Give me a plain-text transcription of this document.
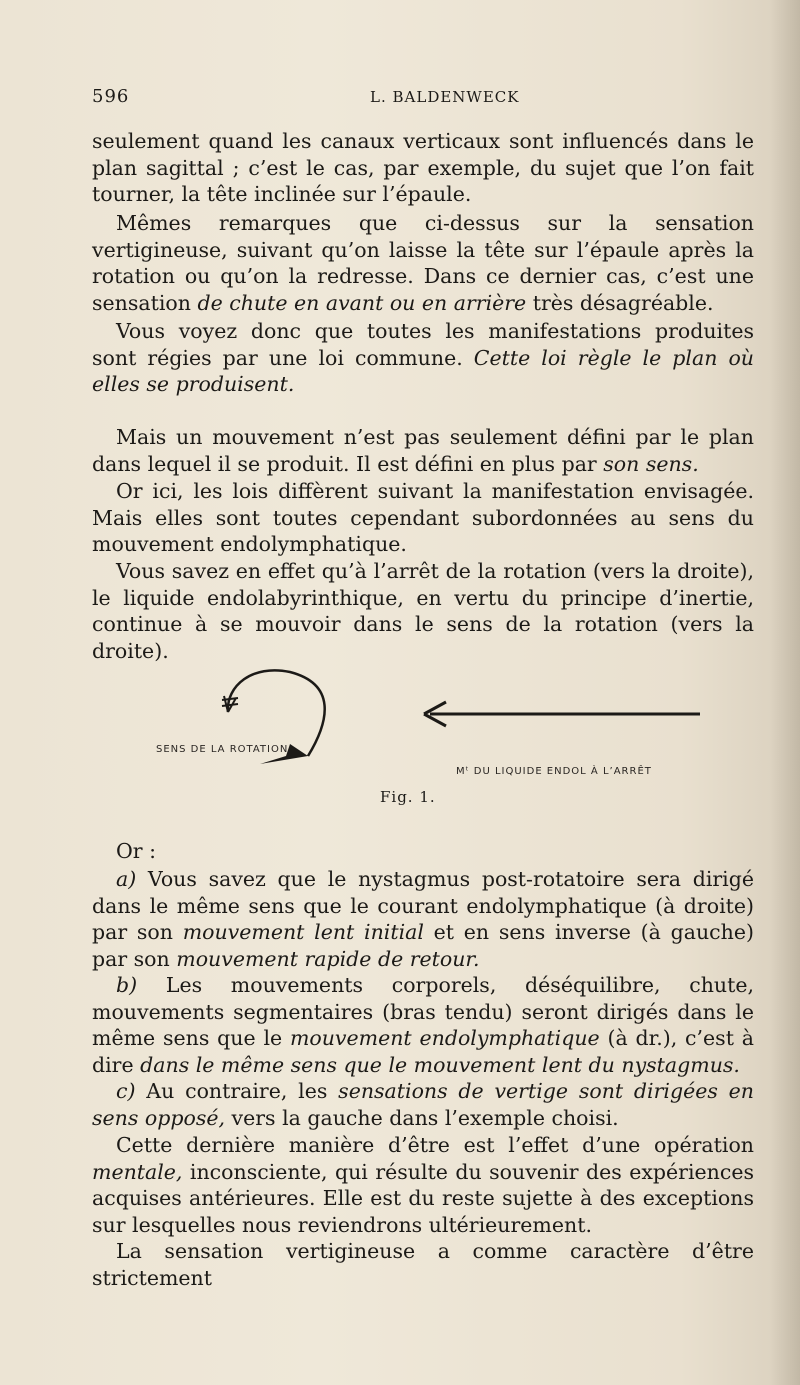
596	L. BALDENWECK

seulement quand les canaux verticaux sont influencés dans le plan sagittal ; c’est le cas, par exemple, du sujet que l’on fait tourner, la tête inclinée sur l’épaule.

Mêmes remarques que ci-dessus sur la sensation vertigineuse, suivant qu’on laisse la tête sur l’épaule après la rotation ou qu’on la redresse. Dans ce dernier cas, c’est une sensation de chute en avant ou en arrière très désagréable.

Vous voyez donc que toutes les manifestations produites sont régies par une loi commune. Cette loi règle le plan où elles se produisent.

Mais un mouvement n’est pas seulement défini par le plan dans lequel il se produit. Il est défini en plus par son sens.

Or ici, les lois diffèrent suivant la manifestation envisagée. Mais elles sont toutes cependant subordonnées au sens du mouvement endolymphatique.

Vous savez en effet qu’à l’arrêt de la rotation (vers la droite), le liquide endolabyrinthique, en vertu du principe d’inertie, continue à se mouvoir dans le sens de la rotation (vers la droite).

SENS DE LA ROTATION
Mᵗ DU LIQUIDE ENDOL À L’ARRÊT
Fig. 1.

Or :

a) Vous savez que le nystagmus post-rotatoire sera dirigé dans le même sens que le courant endolymphatique (à droite) par son mouvement lent initial et en sens inverse (à gauche) par son mouvement rapide de retour.

b) Les mouvements corporels, déséquilibre, chute, mouvements segmentaires (bras tendu) seront dirigés dans le même sens que le mouvement endolymphatique (à dr.), c’est à dire dans le même sens que le mouvement lent du nystagmus.

c) Au contraire, les sensations de vertige sont dirigées en sens opposé, vers la gauche dans l’exemple choisi.

Cette dernière manière d’être est l’effet d’une opération mentale, inconsciente, qui résulte du souvenir des expériences acquises antérieures. Elle est du reste sujette à des exceptions sur lesquelles nous reviendrons ultérieurement.

La sensation vertigineuse a comme caractère d’être strictement
